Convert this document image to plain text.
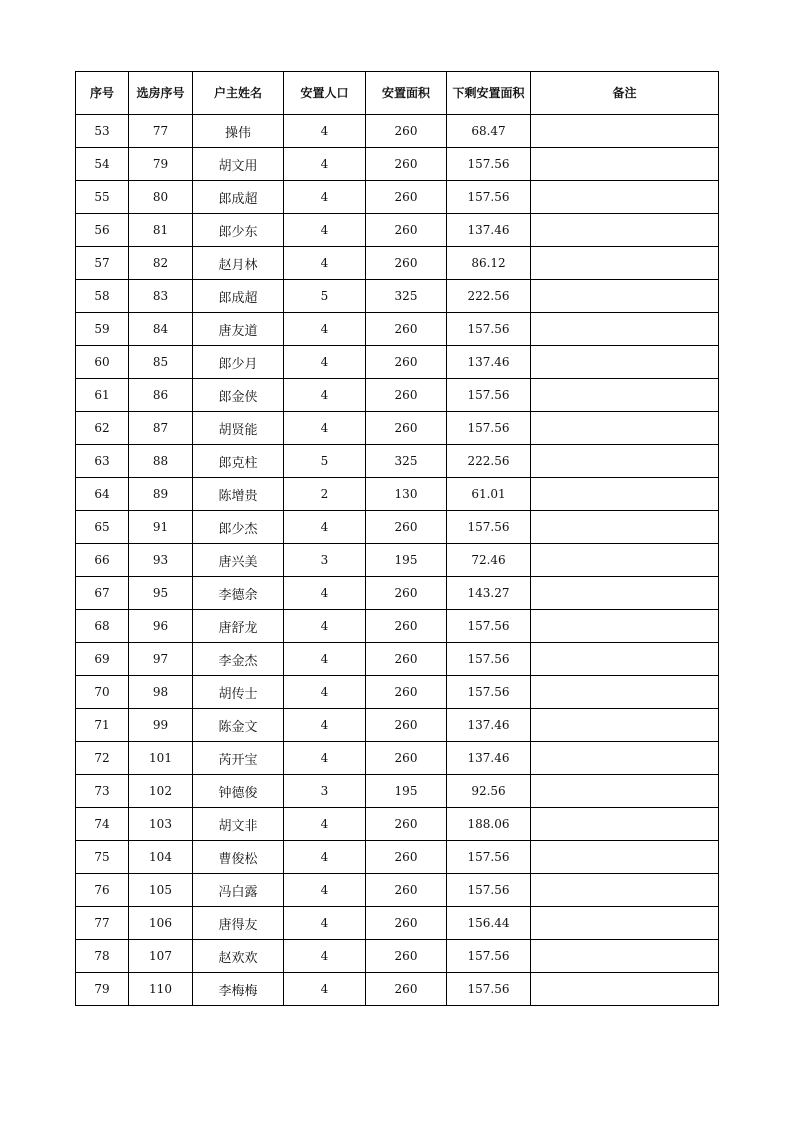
序号	选房序号	户主姓名	安置人口	安置面积	下剩安置面积	备注
53	77	操伟	4	260	68.47	
54	79	胡文用	4	260	157.56	
55	80	郎成超	4	260	157.56	
56	81	郎少东	4	260	137.46	
57	82	赵月林	4	260	86.12	
58	83	郎成超	5	325	222.56	
59	84	唐友道	4	260	157.56	
60	85	郎少月	4	260	137.46	
61	86	郎金侠	4	260	157.56	
62	87	胡贤能	4	260	157.56	
63	88	郎克柱	5	325	222.56	
64	89	陈增贵	2	130	61.01	
65	91	郎少杰	4	260	157.56	
66	93	唐兴美	3	195	72.46	
67	95	李德余	4	260	143.27	
68	96	唐舒龙	4	260	157.56	
69	97	李金杰	4	260	157.56	
70	98	胡传士	4	260	157.56	
71	99	陈金文	4	260	137.46	
72	101	芮开宝	4	260	137.46	
73	102	钟德俊	3	195	92.56	
74	103	胡文非	4	260	188.06	
75	104	曹俊松	4	260	157.56	
76	105	冯白露	4	260	157.56	
77	106	唐得友	4	260	156.44	
78	107	赵欢欢	4	260	157.56	
79	110	李梅梅	4	260	157.56	
